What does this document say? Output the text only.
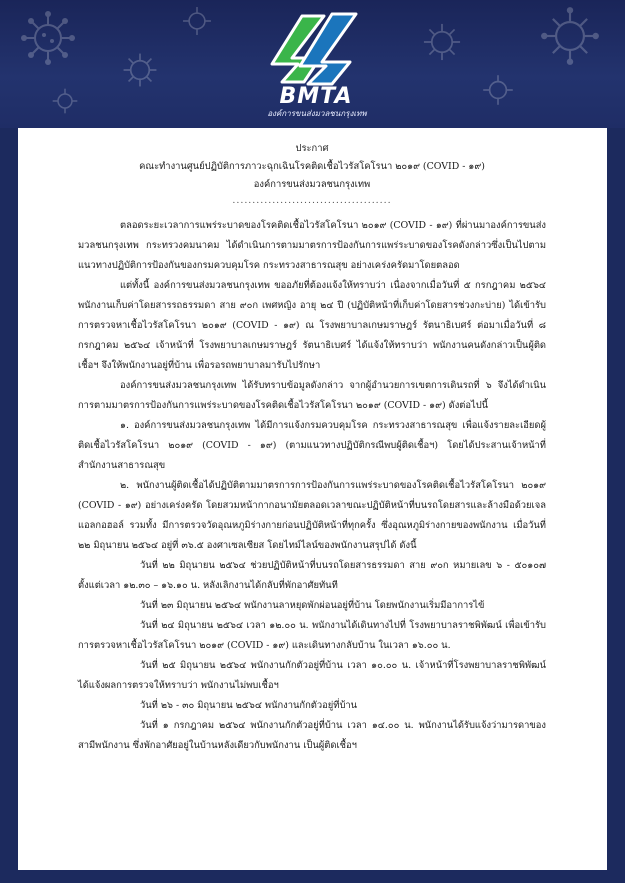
BMTA
องค์การขนส่งมวลชนกรุงเทพ
ประกาศ
คณะทำงานศูนย์ปฏิบัติการภาวะฉุกเฉินโรคติดเชื้อไวรัสโคโรนา ๒๐๑๙ (COVID - ๑๙)
องค์การขนส่งมวลชนกรุงเทพ
........................................

ตลอดระยะเวลาการแพร่ระบาดของโรคติดเชื้อไวรัสโคโรนา ๒๐๑๙ (COVID - ๑๙) ที่ผ่านมาองค์การขนส่งมวลชนกรุงเทพ กระทรวงคมนาคม ได้ดำเนินการตามมาตรการป้องกันการแพร่ระบาดของโรคดังกล่าวซึ่งเป็นไปตามแนวทางปฏิบัติการป้องกันของกรมควบคุมโรค กระทรวงสาธารณสุข อย่างเคร่งครัดมาโดยตลอด

แต่ทั้งนี้ องค์การขนส่งมวลชนกรุงเทพ ขออภัยที่ต้องแจ้งให้ทราบว่า เนื่องจากเมื่อวันที่ ๕ กรกฎาคม ๒๕๖๔ พนักงานเก็บค่าโดยสารรถธรรมดา สาย ๙๐ก เพศหญิง อายุ ๒๔ ปี (ปฏิบัติหน้าที่เก็บค่าโดยสารช่วงกะบ่าย) ได้เข้ารับการตรวจหาเชื้อไวรัสโคโรนา ๒๐๑๙ (COVID - ๑๙) ณ โรงพยาบาลเกษมราษฎร์ รัตนาธิเบศร์ ต่อมาเมื่อวันที่ ๘ กรกฎาคม ๒๕๖๔ เจ้าหน้าที่ โรงพยาบาลเกษมราษฎร์ รัตนาธิเบศร์ ได้แจ้งให้ทราบว่า พนักงานคนดังกล่าวเป็นผู้ติดเชื้อฯ จึงให้พนักงานอยู่ที่บ้าน เพื่อรอรถพยาบาลมารับไปรักษา

องค์การขนส่งมวลชนกรุงเทพ ได้รับทราบข้อมูลดังกล่าว จากผู้อำนวยการเขตการเดินรถที่ ๖ จึงได้ดำเนินการตามมาตรการป้องกันการแพร่ระบาดของโรคติดเชื้อไวรัสโคโรนา ๒๐๑๙ (COVID - ๑๙) ดังต่อไปนี้

๑. องค์การขนส่งมวลชนกรุงเทพ ได้มีการแจ้งกรมควบคุมโรค กระทรวงสาธารณสุข เพื่อแจ้งรายละเอียดผู้ติดเชื้อไวรัสโคโรนา ๒๐๑๙ (COVID - ๑๙) (ตามแนวทางปฏิบัติกรณีพบผู้ติดเชื้อฯ) โดยได้ประสานเจ้าหน้าที่สำนักงานสาธารณสุข

๒. พนักงานผู้ติดเชื้อได้ปฏิบัติตามมาตรการการป้องกันการแพร่ระบาดของโรคติดเชื้อไวรัสโคโรนา ๒๐๑๙ (COVID - ๑๙) อย่างเคร่งครัด โดยสวมหน้ากากอนามัยตลอดเวลาขณะปฏิบัติหน้าที่บนรถโดยสารและล้างมือด้วยเจลแอลกอฮอล์ รวมทั้ง มีการตรวจวัดอุณหภูมิร่างกายก่อนปฏิบัติหน้าที่ทุกครั้ง ซึ่งอุณหภูมิร่างกายของพนักงาน เมื่อวันที่ ๒๒ มิถุนายน ๒๕๖๔ อยู่ที่ ๓๖.๕ องศาเซลเซียส โดยไทม์ไลน์ของพนักงานสรุปได้ ดังนี้

วันที่ ๒๒ มิถุนายน ๒๕๖๔ ช่วยปฏิบัติหน้าที่บนรถโดยสารธรรมดา สาย ๙๐ก หมายเลข ๖ - ๕๐๑๐๗ ตั้งแต่เวลา ๑๒.๓๐ – ๑๖.๑๐ น. หลังเลิกงานได้กลับที่พักอาศัยทันที

วันที่ ๒๓ มิถุนายน ๒๕๖๔ พนักงานลาหยุดพักผ่อนอยู่ที่บ้าน โดยพนักงานเริ่มมีอาการไข้

วันที่ ๒๔ มิถุนายน ๒๕๖๔ เวลา ๑๒.๐๐ น. พนักงานได้เดินทางไปที่ โรงพยาบาลราชพิพัฒน์ เพื่อเข้ารับการตรวจหาเชื้อไวรัสโคโรนา ๒๐๑๙ (COVID - ๑๙) และเดินทางกลับบ้าน ในเวลา ๑๖.๐๐ น.

วันที่ ๒๕ มิถุนายน ๒๕๖๔ พนักงานกักตัวอยู่ที่บ้าน เวลา ๑๐.๐๐ น. เจ้าหน้าที่โรงพยาบาลราชพิพัฒน์ ได้แจ้งผลการตรวจให้ทราบว่า พนักงานไม่พบเชื้อฯ

วันที่ ๒๖ - ๓๐ มิถุนายน ๒๕๖๔ พนักงานกักตัวอยู่ที่บ้าน

วันที่ ๑ กรกฎาคม ๒๕๖๔ พนักงานกักตัวอยู่ที่บ้าน เวลา ๑๔.๐๐ น. พนักงานได้รับแจ้งว่ามารดาของสามีพนักงาน ซึ่งพักอาศัยอยู่ในบ้านหลังเดียวกับพนักงาน เป็นผู้ติดเชื้อฯ
